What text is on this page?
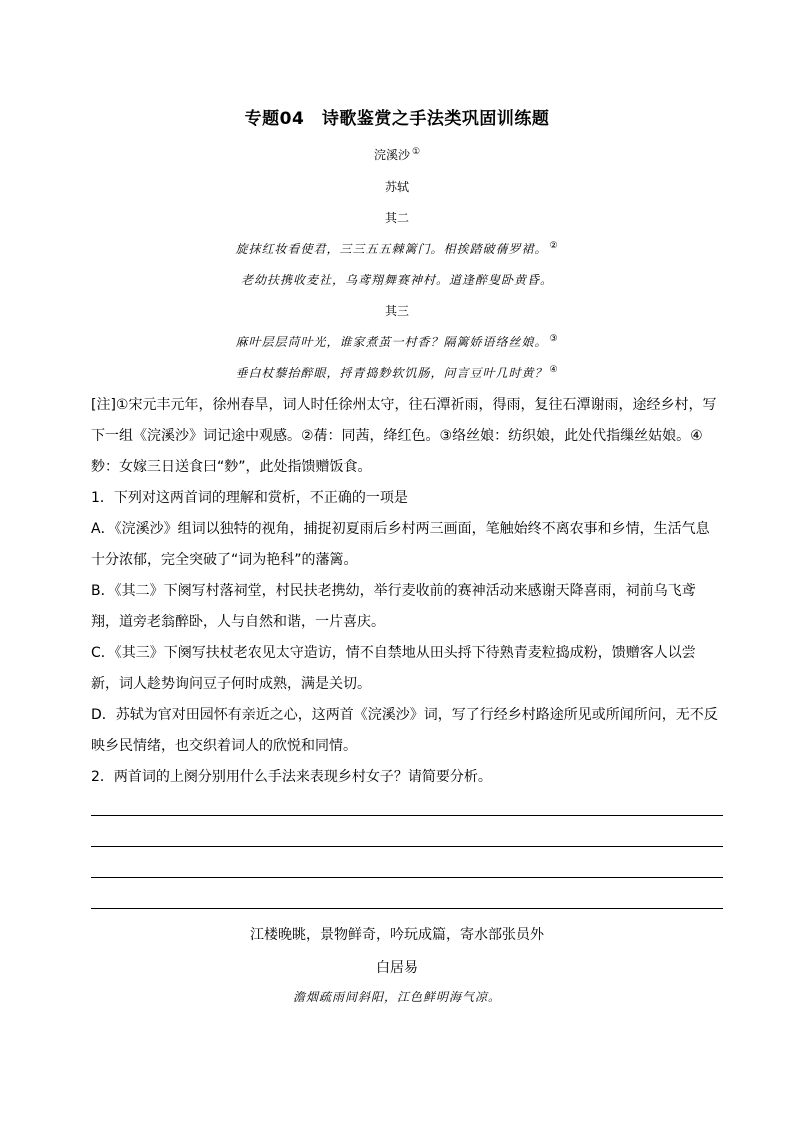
专题04　诗歌鉴赏之手法类巩固训练题
浣溪沙 ①
苏轼
其二
旋抹红妆看使君，三三五五棘篱门。相挨踏破蒨罗裙。 ②
老幼扶携收麦社，乌鸢翔舞赛神村。道逢醉叟卧黄昏。
其三
麻叶层层苘叶光，谁家煮茧一村香？隔篱娇语络丝娘。 ③
垂白杖藜抬醉眼，捋青捣麨软饥肠，问言豆叶几时黄？ ④

[注]①宋元丰元年，徐州春旱，词人时任徐州太守，往石潭祈雨，得雨，复往石潭谢雨，途经乡村，写下一组《浣溪沙》词记途中观感。②蒨：同茜，绛红色。③络丝娘：纺织娘，此处代指缫丝姑娘。④麨：女嫁三日送食曰“麨”，此处指馈赠饭食。

1．下列对这两首词的理解和赏析，不正确的一项是

A．《浣溪沙》组词以独特的视角，捕捉初夏雨后乡村两三画面，笔触始终不离农事和乡情，生活气息十分浓郁，完全突破了“词为艳科”的藩篱。

B．《其二》下阕写村落祠堂，村民扶老携幼，举行麦收前的赛神活动来感谢天降喜雨，祠前乌飞鸢翔，道旁老翁醉卧，人与自然和谐，一片喜庆。

C．《其三》下阕写扶杖老农见太守造访，情不自禁地从田头捋下待熟青麦粒捣成粉，馈赠客人以尝新，词人趁势询问豆子何时成熟，满是关切。

D．苏轼为官对田园怀有亲近之心，这两首《浣溪沙》词，写了行经乡村路途所见或所闻所问，无不反映乡民情绪，也交织着词人的欣悦和同情。

2．两首词的上阕分别用什么手法来表现乡村女子？请简要分析。

江楼晚眺，景物鲜奇，吟玩成篇，寄水部张员外
白居易
澹烟疏雨间斜阳，江色鲜明海气凉。
